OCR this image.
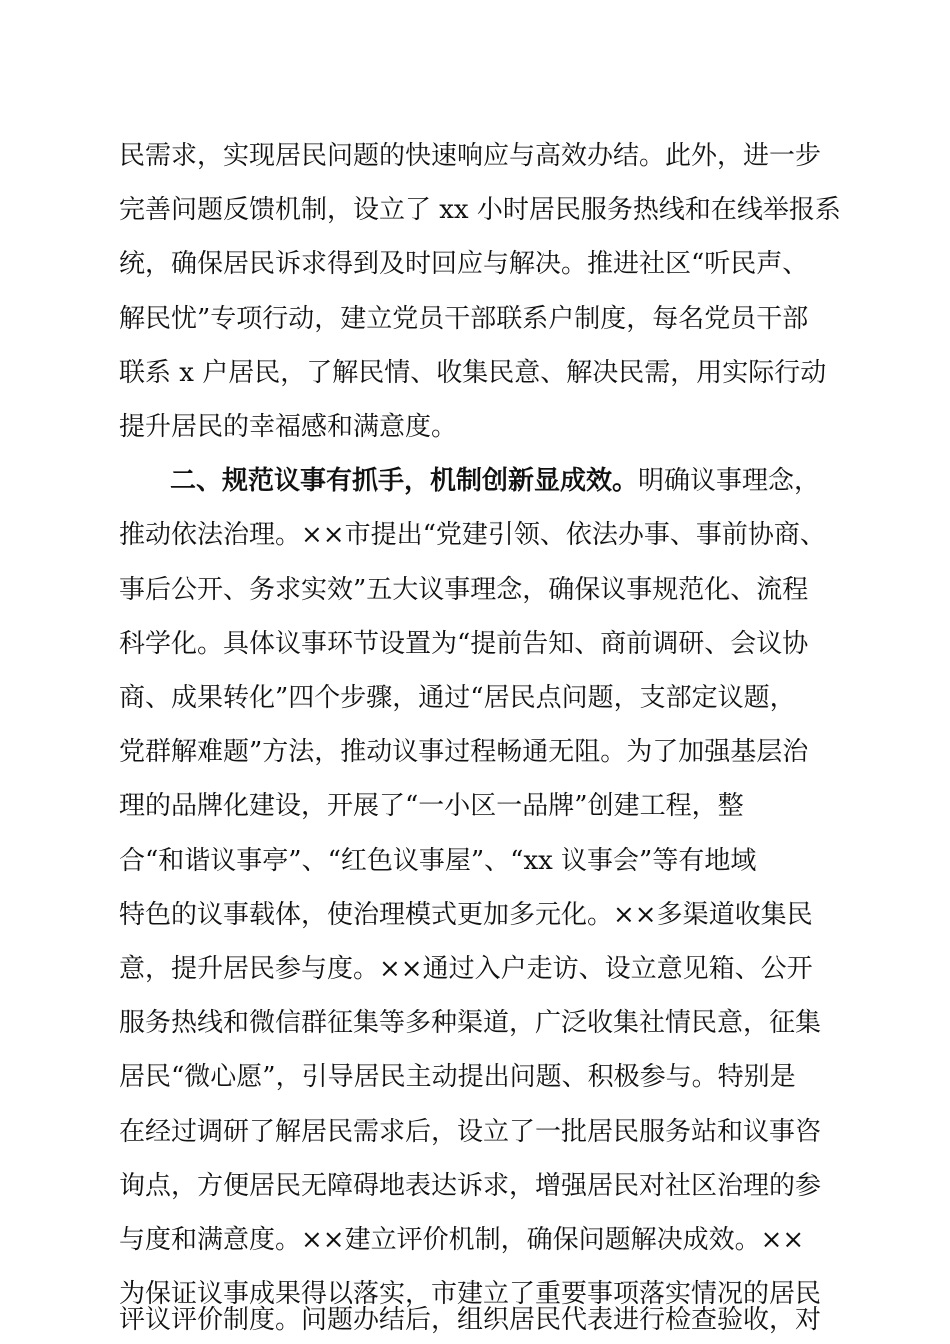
民需求，实现居民问题的快速响应与高效办结。此外，进一步
完善问题反馈机制，设立了 xx 小时居民服务热线和在线举报系
统，确保居民诉求得到及时回应与解决。推进社区“听民声、
解民忧”专项行动，建立党员干部联系户制度，每名党员干部
联系 x 户居民，了解民情、收集民意、解决民需，用实际行动
提升居民的幸福感和满意度。
二、规范议事有抓手，机制创新显成效。明确议事理念，
推动依法治理。××市提出“党建引领、依法办事、事前协商、
事后公开、务求实效”五大议事理念，确保议事规范化、流程
科学化。具体议事环节设置为“提前告知、商前调研、会议协
商、成果转化”四个步骤，通过“居民点问题，支部定议题，
党群解难题”方法，推动议事过程畅通无阻。为了加强基层治
理的品牌化建设，开展了“一小区一品牌”创建工程，整
合“和谐议事亭”、“红色议事屋”、“xx 议事会”等有地域
特色的议事载体，使治理模式更加多元化。××多渠道收集民
意，提升居民参与度。××通过入户走访、设立意见箱、公开
服务热线和微信群征集等多种渠道，广泛收集社情民意，征集
居民“微心愿”，引导居民主动提出问题、积极参与。特别是
在经过调研了解居民需求后，设立了一批居民服务站和议事咨
询点，方便居民无障碍地表达诉求，增强居民对社区治理的参
与度和满意度。××建立评价机制，确保问题解决成效。××
为保证议事成果得以落实，市建立了重要事项落实情况的居民
评议评价制度。问题办结后，组织居民代表进行检查验收，对
